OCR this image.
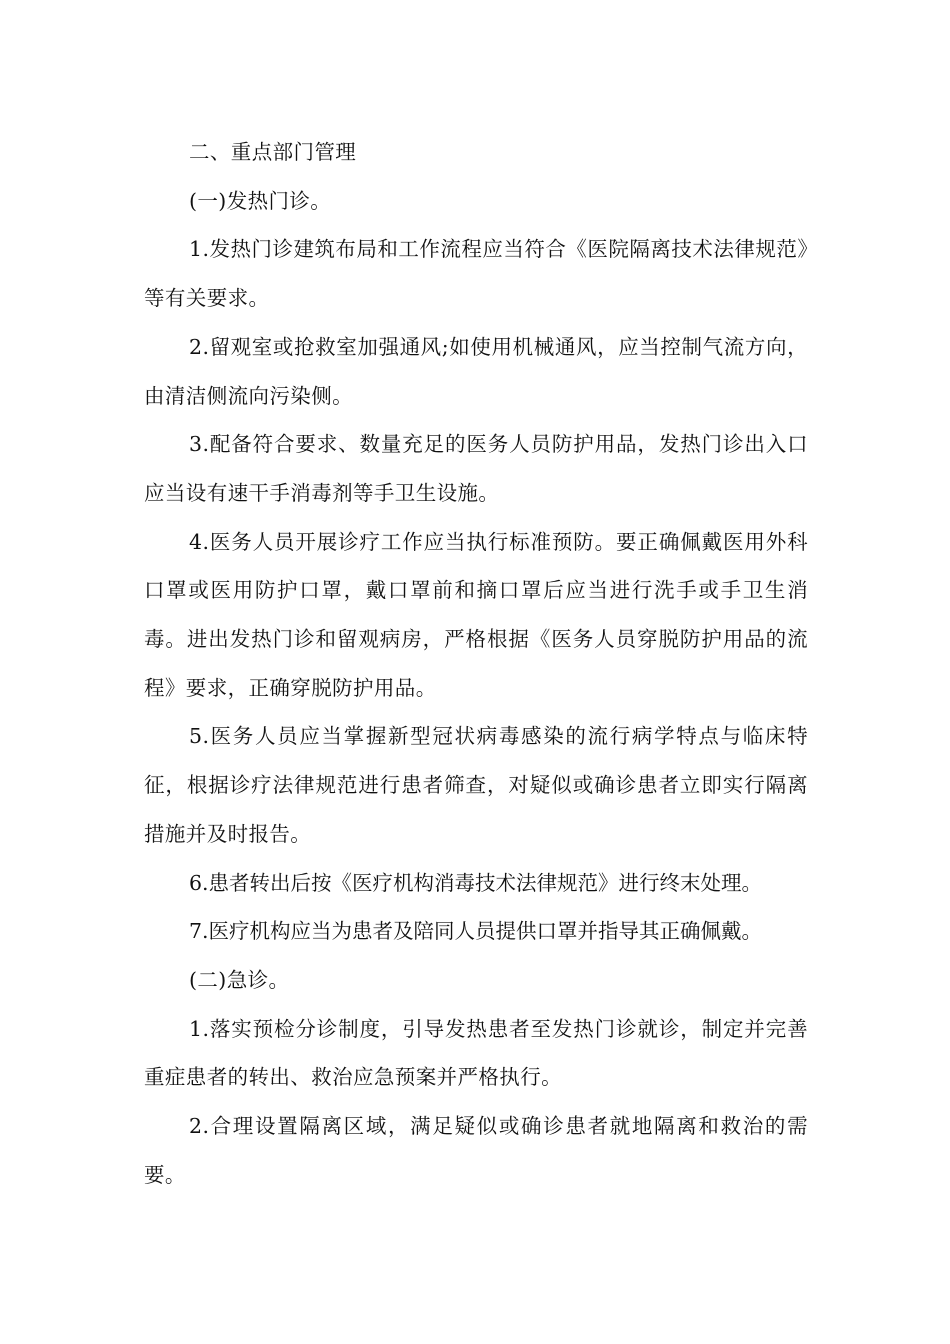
二、重点部门管理

(一)发热门诊。

1.发热门诊建筑布局和工作流程应当符合《医院隔离技术法律规范》等有关要求。

2.留观室或抢救室加强通风;如使用机械通风，应当控制气流方向，由清洁侧流向污染侧。

3.配备符合要求、数量充足的医务人员防护用品，发热门诊出入口应当设有速干手消毒剂等手卫生设施。

4.医务人员开展诊疗工作应当执行标准预防。要正确佩戴医用外科口罩或医用防护口罩，戴口罩前和摘口罩后应当进行洗手或手卫生消毒。进出发热门诊和留观病房，严格根据《医务人员穿脱防护用品的流程》要求，正确穿脱防护用品。

5.医务人员应当掌握新型冠状病毒感染的流行病学特点与临床特征，根据诊疗法律规范进行患者筛查，对疑似或确诊患者立即实行隔离措施并及时报告。

6.患者转出后按《医疗机构消毒技术法律规范》进行终末处理。

7.医疗机构应当为患者及陪同人员提供口罩并指导其正确佩戴。

(二)急诊。

1.落实预检分诊制度，引导发热患者至发热门诊就诊，制定并完善重症患者的转出、救治应急预案并严格执行。

2.合理设置隔离区域，满足疑似或确诊患者就地隔离和救治的需要。
